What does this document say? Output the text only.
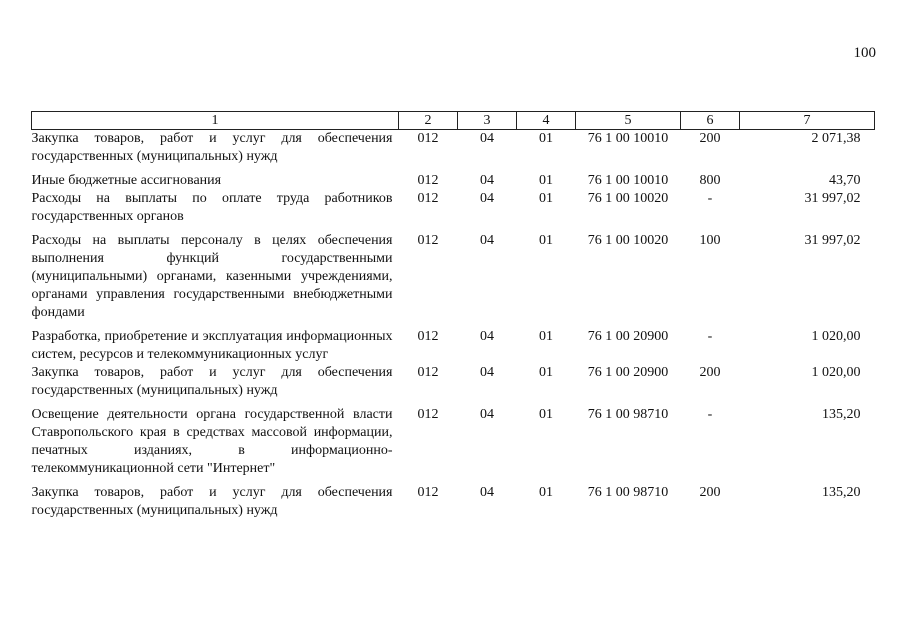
100
1	2	3	4	5	6	7
Закупка товаров, работ и услуг для обеспечения государственных (муниципальных) нужд	012	04	01	76 1 00 10010	200	2 071,38
Иные бюджетные ассигнования	012	04	01	76 1 00 10010	800	43,70
Расходы на выплаты по оплате труда работников государственных органов	012	04	01	76 1 00 10020	-	31 997,02
Расходы на выплаты персоналу в целях обеспечения выполнения функций государственными (муниципальными) органами, казенными учреждениями, органами управления государственными внебюджетными фондами	012	04	01	76 1 00 10020	100	31 997,02
Разработка, приобретение и эксплуатация информационных систем, ресурсов и телекоммуникационных услуг	012	04	01	76 1 00 20900	-	1 020,00
Закупка товаров, работ и услуг для обеспечения государственных (муниципальных) нужд	012	04	01	76 1 00 20900	200	1 020,00
Освещение деятельности органа государственной власти Ставропольского края в средствах массовой информации, печатных изданиях, в информационно-телекоммуникационной сети "Интернет"	012	04	01	76 1 00 98710	-	135,20
Закупка товаров, работ и услуг для обеспечения государственных (муниципальных) нужд	012	04	01	76 1 00 98710	200	135,20
